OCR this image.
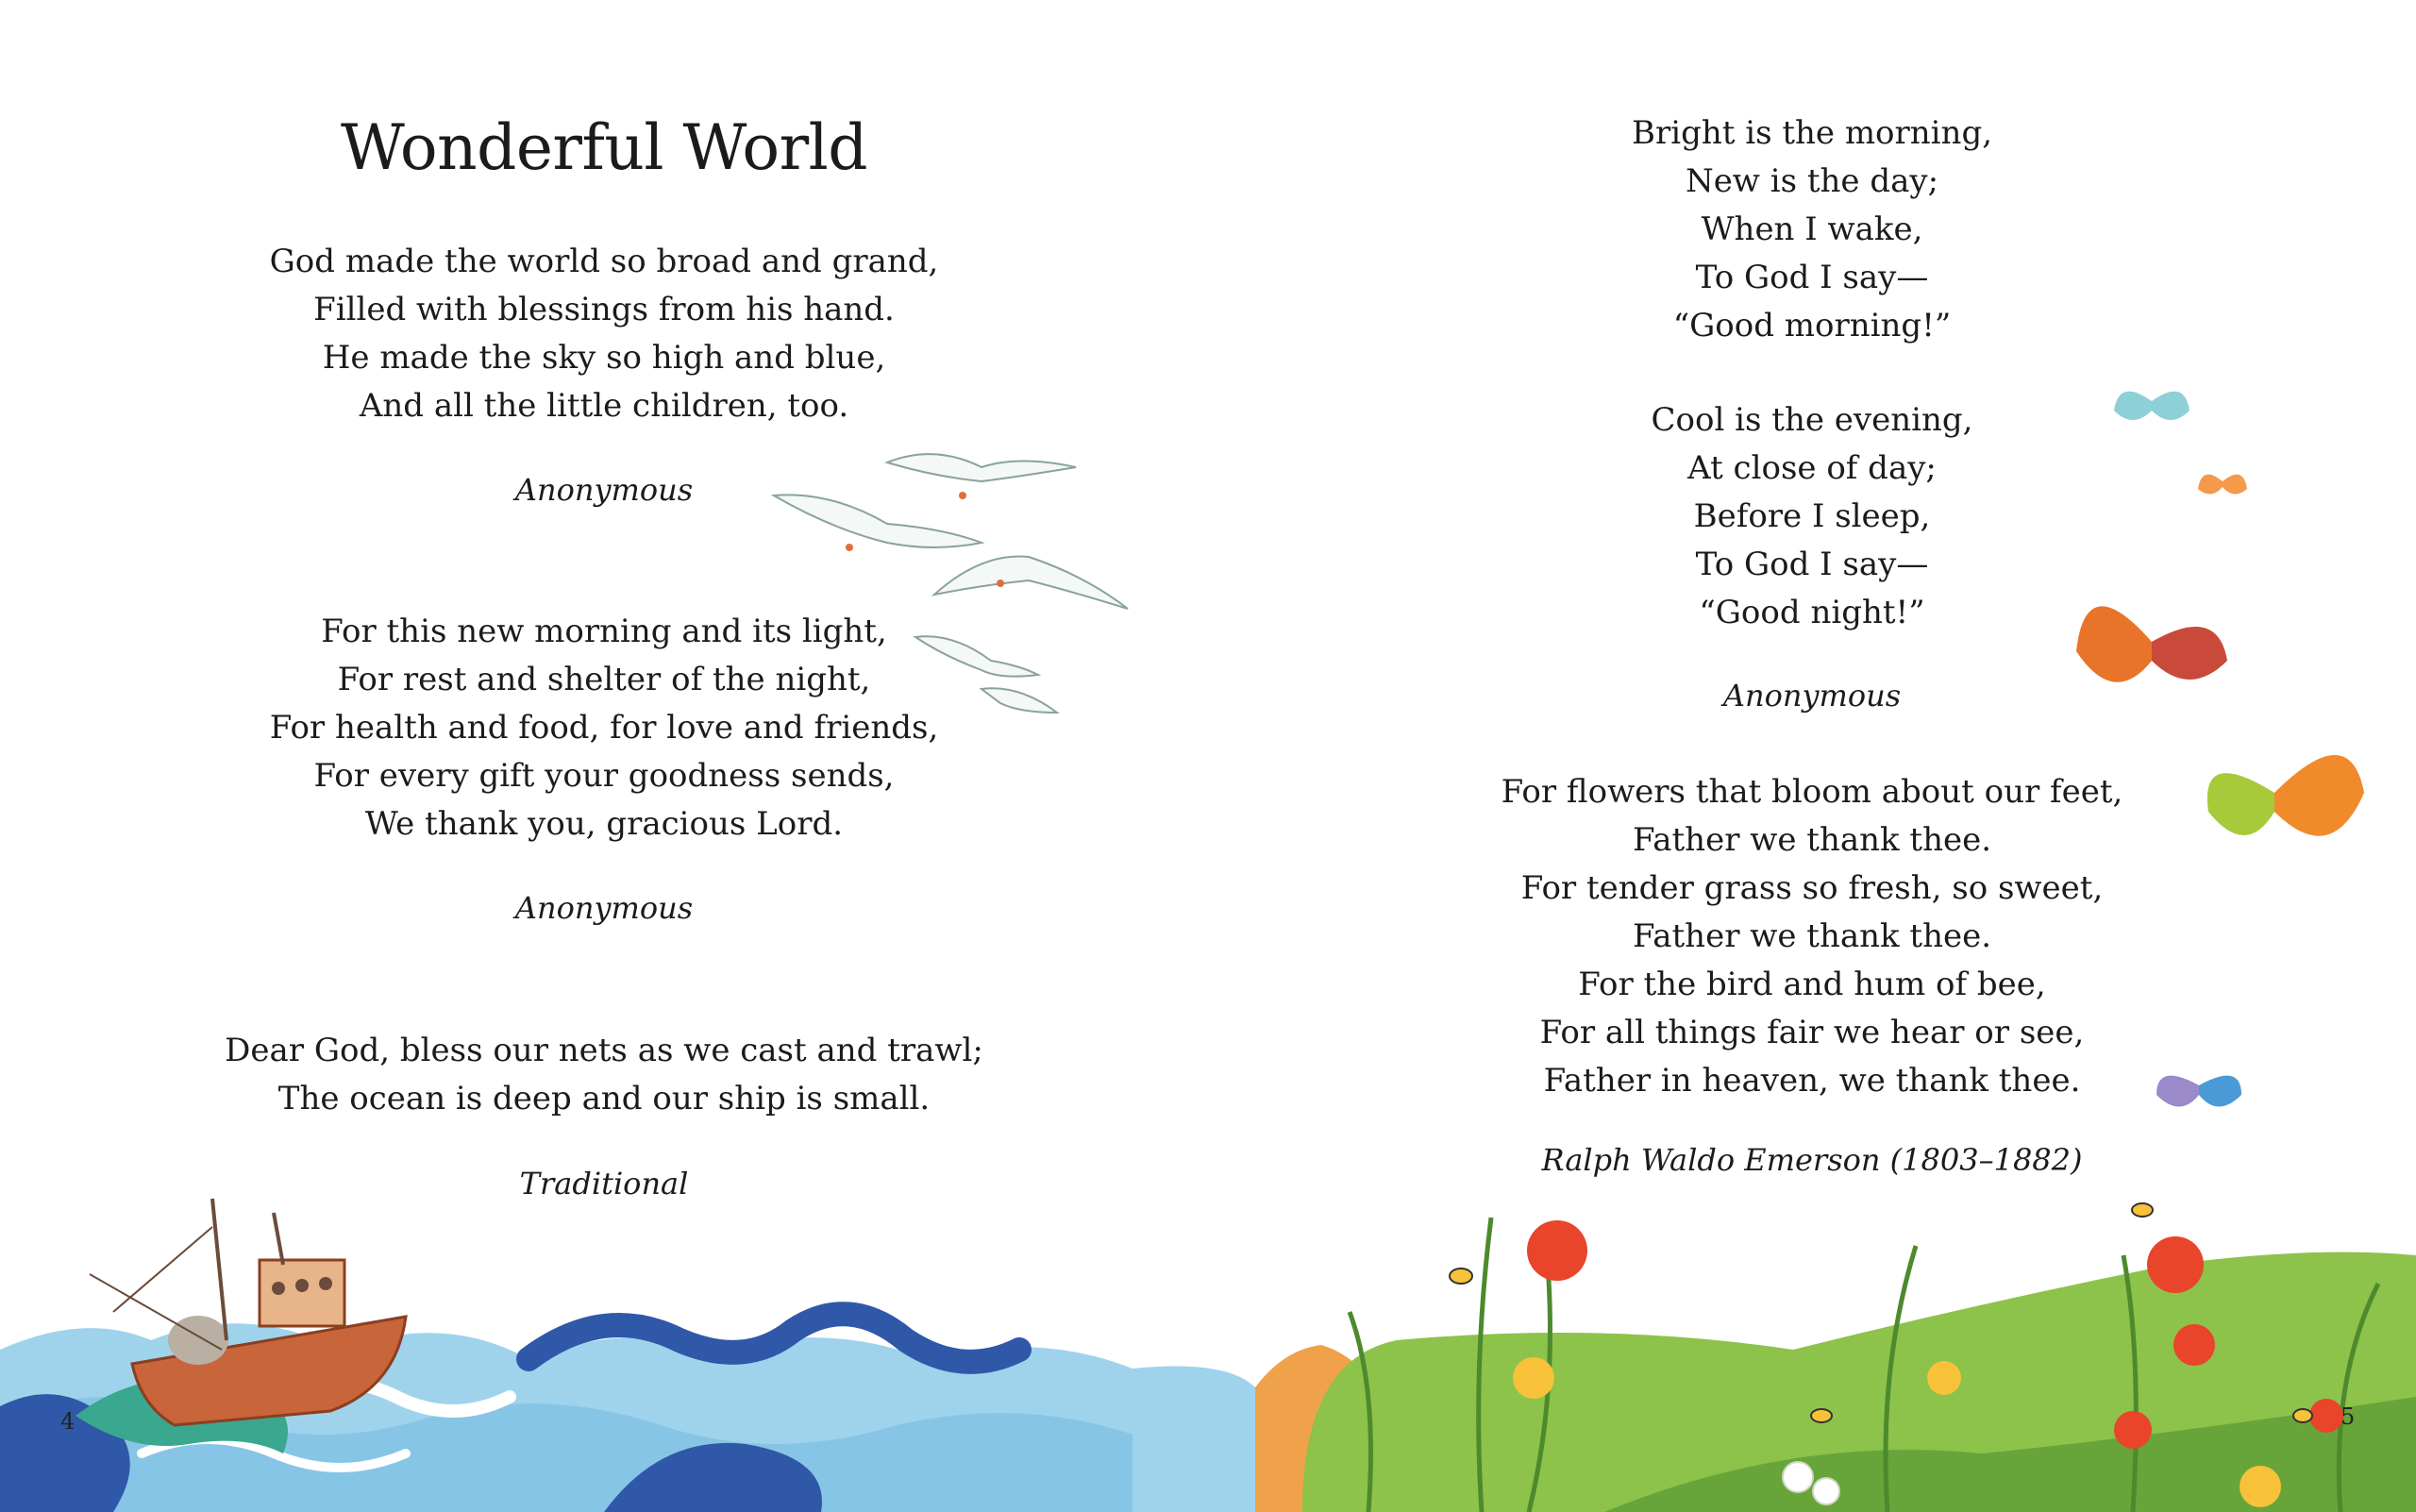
Wonderful World
God made the world so broad and grand,
Filled with blessings from his hand.
He made the sky so high and blue,
And all the little children, too.
Anonymous
For this new morning and its light,
For rest and shelter of the night,
For health and food, for love and friends,
For every gift your goodness sends,
We thank you, gracious Lord.
Anonymous
Dear God, bless our nets as we cast and trawl;
The ocean is deep and our ship is small.
Traditional
Bright is the morning,
New is the day;
When I wake,
To God I say—
“Good morning!”
Cool is the evening,
At close of day;
Before I sleep,
To God I say—
“Good night!”
Anonymous
For flowers that bloom about our feet,
Father we thank thee.
For tender grass so fresh, so sweet,
Father we thank thee.
For the bird and hum of bee,
For all things fair we hear or see,
Father in heaven, we thank thee.
Ralph Waldo Emerson (1803–1882)
4	5
